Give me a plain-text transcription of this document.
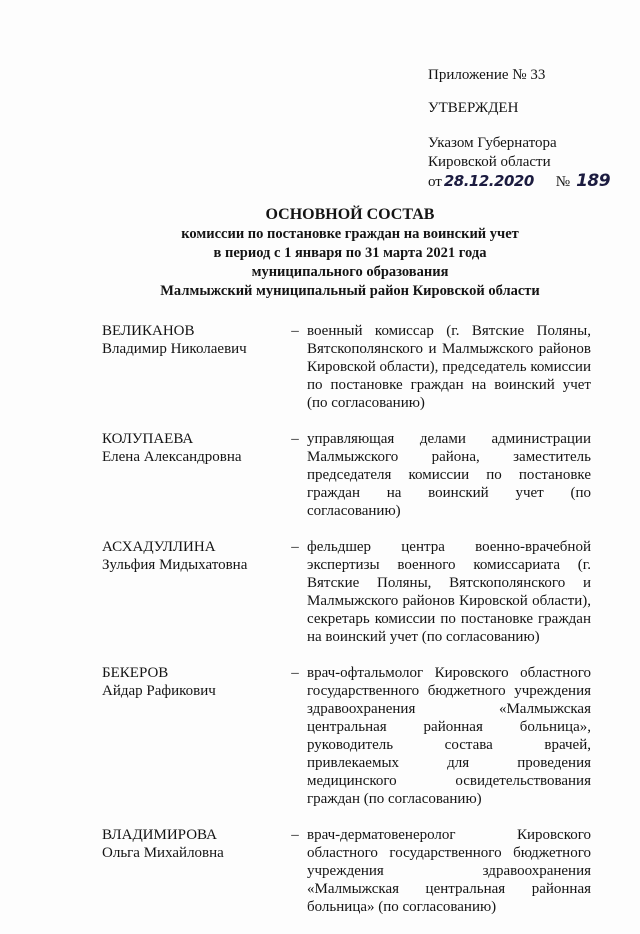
Приложение № 33
УТВЕРЖДЕН
Указом Губернатора
Кировской области
от 28.12.2020 № 189
ОСНОВНОЙ СОСТАВ
комиссии по постановке граждан на воинский учет
в период с 1 января по 31 марта 2021 года
муниципального образования
Малмыжский муниципальный район Кировской области
ВЕЛИКАНОВ
Владимир Николаевич
– военный комиссар (г. Вятские Поляны, Вятскополянского и Малмыжского районов Кировской области), председатель комиссии по постановке граждан на воинский учет (по согласованию)
КОЛУПАЕВА
Елена Александровна
– управляющая делами администрации Малмыжского района, заместитель председателя комиссии по постановке граждан на воинский учет (по согласованию)
АСХАДУЛЛИНА
Зульфия Мидыхатовна
– фельдшер центра военно-врачебной экспертизы военного комиссариата (г. Вятские Поляны, Вятскополянского и Малмыжского районов Кировской области), секретарь комиссии по постановке граждан на воинский учет (по согласованию)
БЕКЕРОВ
Айдар Рафикович
– врач-офтальмолог Кировского областного государственного бюджетного учреждения здравоохранения «Малмыжская центральная районная больница», руководитель состава врачей, привлекаемых для проведения медицинского освидетельствования граждан (по согласованию)
ВЛАДИМИРОВА
Ольга Михайловна
– врач-дерматовенеролог Кировского областного государственного бюджетного учреждения здравоохранения «Малмыжская центральная районная больница» (по согласованию)
